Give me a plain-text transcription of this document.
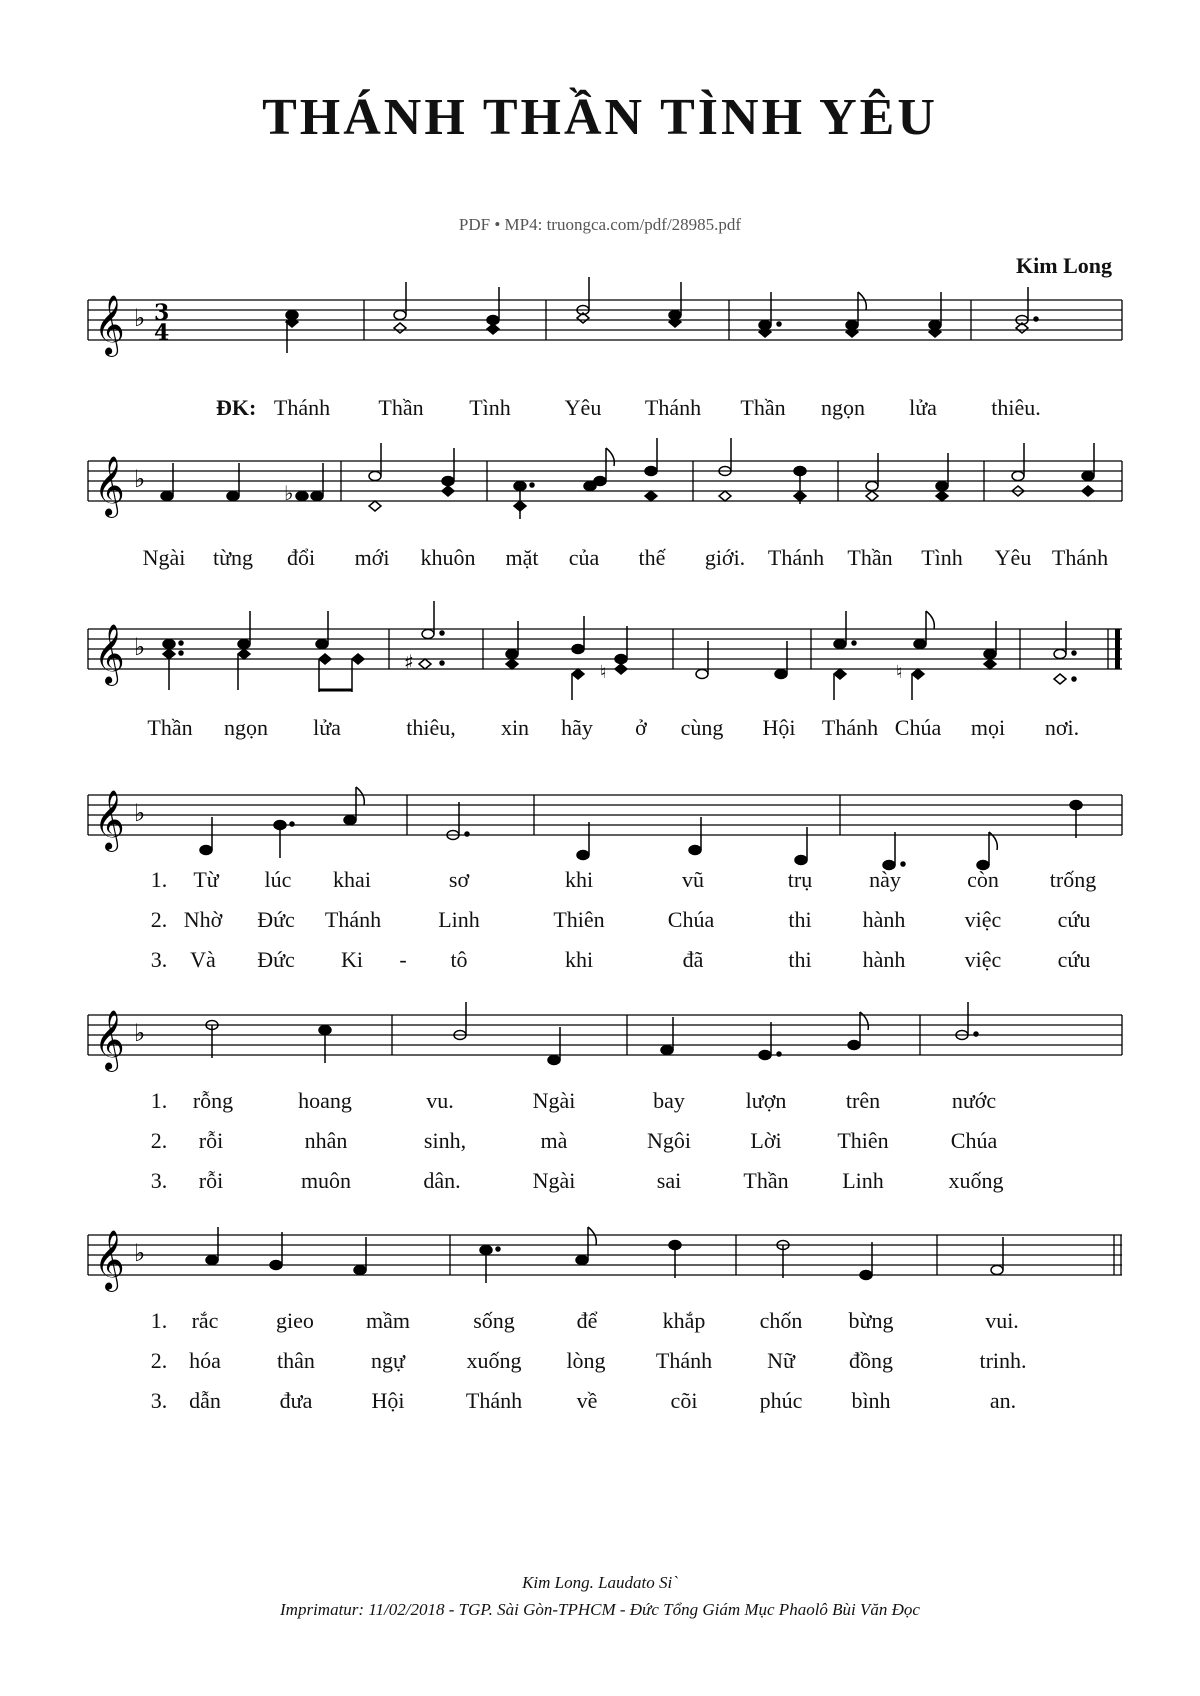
THÁNH THẦN TÌNH YÊU
PDF • MP4: truongca.com/pdf/28985.pdf
Kim Long
𝄞 ♭ 3
4
ĐK: Thánh Thần Tình Yêu Thánh Thần ngọn lửa thiêu.
𝄞 ♭	♭
Ngài từng đổi mới khuôn mặt của thế giới. Thánh Thần Tình Yêu Thánh
𝄞 ♭
♯	♮	♮
Thần ngọn lửa	thiêu, xin hãy ở cùng Hội Thánh Chúa mọi nơi.
𝄞 ♭
1. Từ lúc khai	sơ	khi	vũ	trụ	này	còn trống
2. Nhờ Đức Thánh	Linh	Thiên	Chúa	thi hành	việc	cứu
3. Và Đức Ki - tô	khi	đã	thi hành	việc	cứu
𝄞 ♭
1. rỗng	hoang	vu.	Ngài	bay	lượn	trên	nước
2. rỗi	nhân	sinh,	mà	Ngôi	Lời	Thiên	Chúa
3. rỗi	muôn	dân.	Ngài	sai	Thần Linh	xuống
𝄞 ♭
1. rắc	gieo mầm	sống	để	khắp chốn bừng	vui.
2. hóa	thân	ngự	xuống lòng Thánh Nữ đồng	trinh.
3. dẫn	đưa	Hội	Thánh về	cõi	phúc bình	an.
Kim Long. Laudato Si`
Imprimatur: 11/02/2018 - TGP. Sài Gòn-TPHCM - Đức Tổng Giám Mục Phaolô Bùi Văn Đọc
